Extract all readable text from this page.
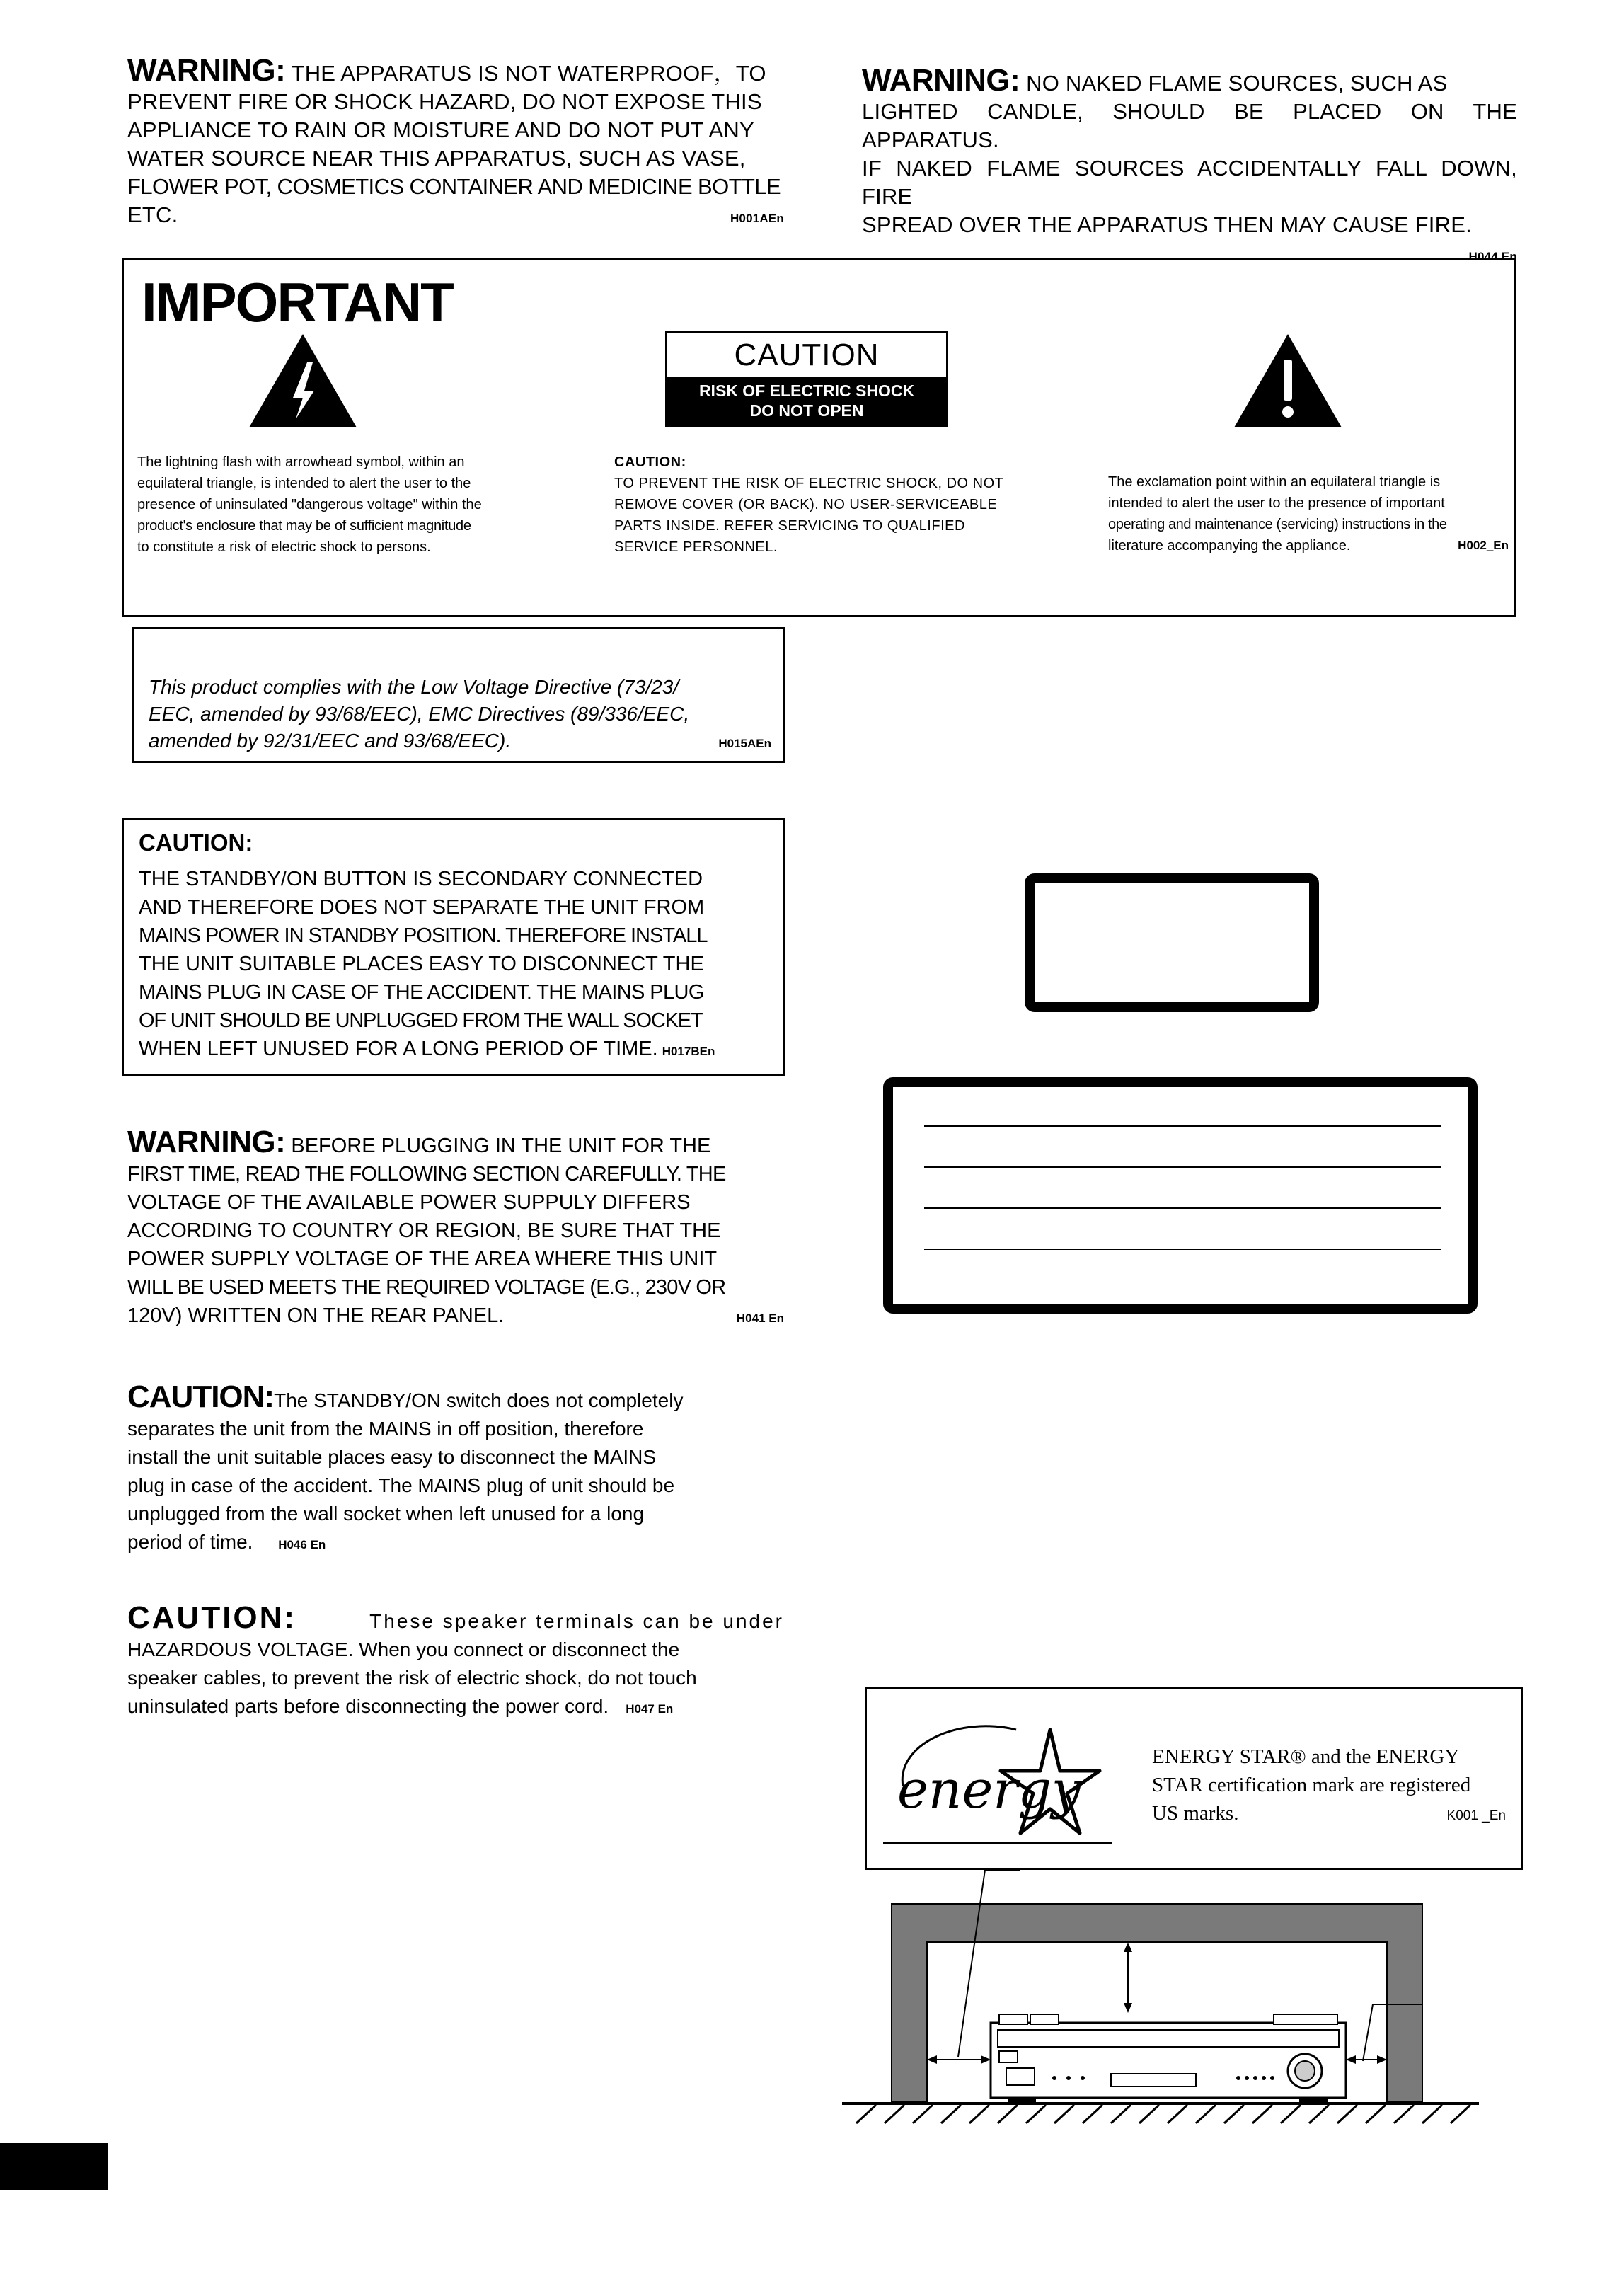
WARNING: THE APPARATUS IS NOT WATERPROOF，TO
PREVENT FIRE OR SHOCK HAZARD, DO NOT EXPOSE THIS
APPLIANCE TO RAIN OR MOISTURE AND DO NOT PUT ANY
WATER SOURCE NEAR THIS APPARATUS, SUCH AS VASE,
FLOWER POT, COSMETICS CONTAINER AND MEDICINE BOTTLE
ETC.	H001AEn
WARNING: NO NAKED FLAME SOURCES, SUCH AS
LIGHTED CANDLE, SHOULD BE PLACED ON THE APPARATUS.
IF NAKED FLAME SOURCES ACCIDENTALLY FALL DOWN, FIRE
SPREAD OVER THE APPARATUS THEN MAY CAUSE FIRE.
H044 En
IMPORTANT
CAUTION
RISK OF ELECTRIC SHOCK
DO NOT OPEN
The lightning flash with arrowhead symbol, within an
equilateral triangle, is intended to alert the user to the
presence of uninsulated "dangerous voltage" within the
product's enclosure that may be of sufficient magnitude
to constitute a risk of electric shock to persons.
CAUTION:
TO PREVENT THE RISK OF ELECTRIC SHOCK, DO NOT
REMOVE COVER (OR BACK). NO USER-SERVICEABLE
PARTS INSIDE. REFER SERVICING TO QUALIFIED
SERVICE PERSONNEL.
The exclamation point within an equilateral triangle is
intended to alert the user to the presence of important
operating and maintenance (servicing) instructions in the
literature accompanying the appliance.	H002_En
This product complies with the Low Voltage Directive (73/23/
EEC, amended by 93/68/EEC), EMC Directives (89/336/EEC,
amended by 92/31/EEC and 93/68/EEC).	H015AEn
CAUTION:
THE STANDBY/ON BUTTON IS SECONDARY CONNECTED
AND THEREFORE DOES NOT SEPARATE THE UNIT FROM
MAINS POWER IN STANDBY POSITION. THEREFORE INSTALL
THE UNIT SUITABLE PLACES EASY TO DISCONNECT THE
MAINS PLUG IN CASE OF THE ACCIDENT. THE MAINS PLUG
OF UNIT SHOULD BE UNPLUGGED FROM THE WALL SOCKET
WHEN LEFT UNUSED FOR A LONG PERIOD OF TIME. H017BEn
WARNING: BEFORE PLUGGING IN THE UNIT FOR THE
FIRST TIME, READ THE FOLLOWING SECTION CAREFULLY. THE
VOLTAGE OF THE AVAILABLE POWER SUPPULY DIFFERS
ACCORDING TO COUNTRY OR REGION, BE SURE THAT THE
POWER SUPPLY VOLTAGE OF THE AREA WHERE THIS UNIT
WILL BE USED MEETS THE REQUIRED VOLTAGE (E.G., 230V OR
120V) WRITTEN ON THE REAR PANEL.	H041 En
CAUTION:The STANDBY/ON switch does not completely
separates the unit from the MAINS in off position, therefore
install the unit suitable places easy to disconnect the MAINS
plug in case of the accident. The MAINS plug of unit should be
unplugged from the wall socket when left unused for a long
period of time. H046 En
CAUTION:	These speaker terminals can be under
HAZARDOUS VOLTAGE. When you connect or disconnect the
speaker cables, to prevent the risk of electric shock, do not touch
uninsulated parts before disconnecting the power cord. H047 En
energy
ENERGY STAR® and the ENERGY
STAR certification mark are registered
US marks.	K001 _En
